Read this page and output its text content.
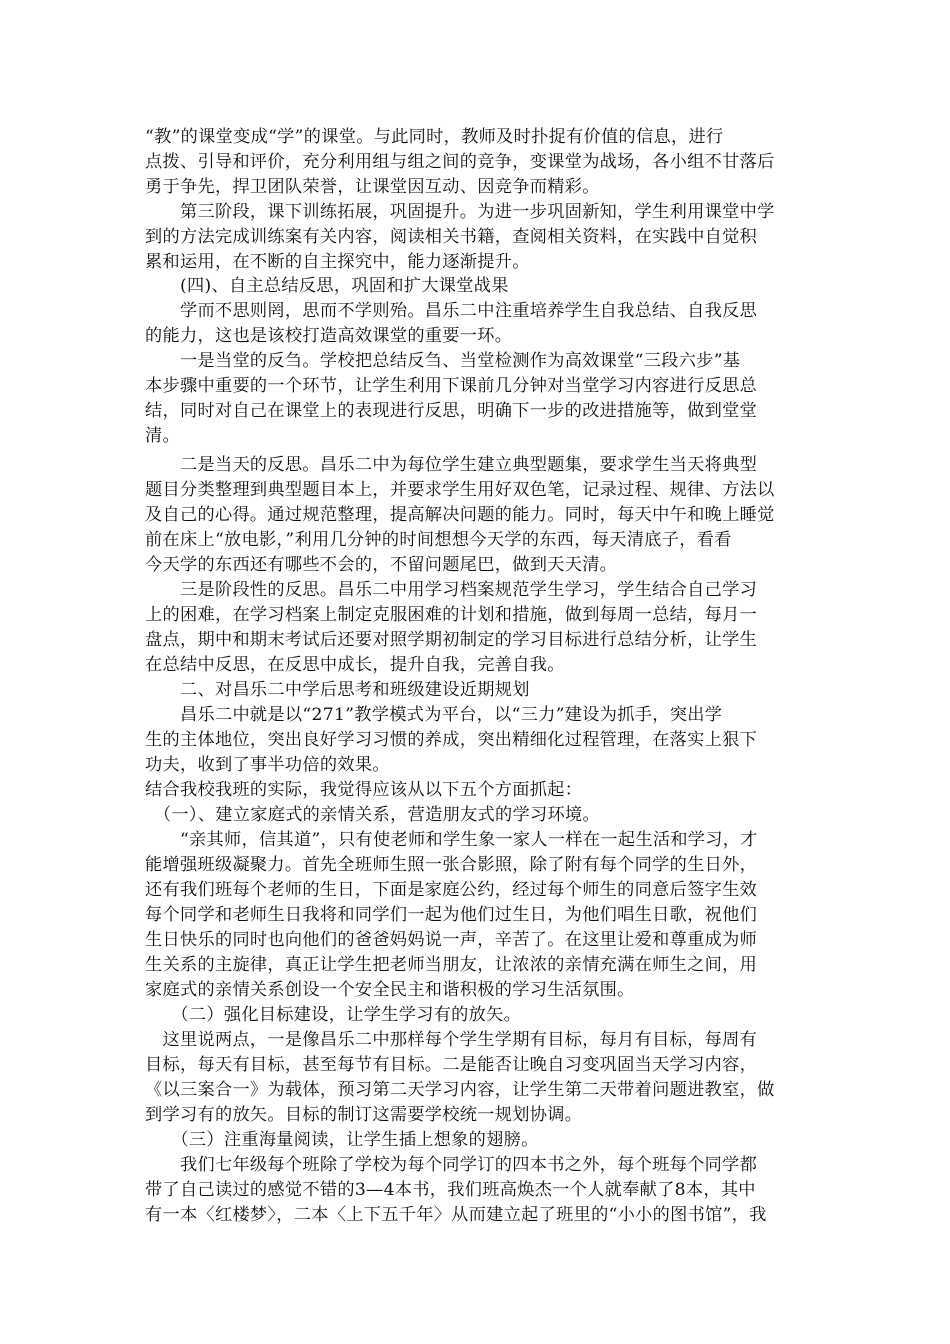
“教”的课堂变成“学”的课堂。与此同时，教师及时扑捉有价值的信息，进行
点拨、引导和评价，充分利用组与组之间的竞争，变课堂为战场，各小组不甘落后
勇于争先，捍卫团队荣誉，让课堂因互动、因竞争而精彩。
　　第三阶段，课下训练拓展，巩固提升。为进一步巩固新知，学生利用课堂中学
到的方法完成训练案有关内容，阅读相关书籍，查阅相关资料，在实践中自觉积
累和运用，在不断的自主探究中，能力逐渐提升。
　　(四)、自主总结反思，巩固和扩大课堂战果
　　学而不思则罔，思而不学则殆。昌乐二中注重培养学生自我总结、自我反思
的能力，这也是该校打造高效课堂的重要一环。
　　一是当堂的反刍。学校把总结反刍、当堂检测作为高效课堂“三段六步”基
本步骤中重要的一个环节，让学生利用下课前几分钟对当堂学习内容进行反思总
结，同时对自己在课堂上的表现进行反思，明确下一步的改进措施等，做到堂堂
清。
　　二是当天的反思。昌乐二中为每位学生建立典型题集，要求学生当天将典型
题目分类整理到典型题目本上，并要求学生用好双色笔，记录过程、规律、方法以
及自己的心得。通过规范整理，提高解决问题的能力。同时，每天中午和晚上睡觉
前在床上“放电影，”利用几分钟的时间想想今天学的东西，每天清底子，看看
今天学的东西还有哪些不会的，不留问题尾巴，做到天天清。
　　三是阶段性的反思。昌乐二中用学习档案规范学生学习，学生结合自己学习
上的困难，在学习档案上制定克服困难的计划和措施，做到每周一总结，每月一
盘点，期中和期末考试后还要对照学期初制定的学习目标进行总结分析，让学生
在总结中反思，在反思中成长，提升自我，完善自我。
　　二、对昌乐二中学后思考和班级建设近期规划
　　昌乐二中就是以“271”教学模式为平台，以“三力”建设为抓手，突出学
生的主体地位，突出良好学习习惯的养成，突出精细化过程管理，在落实上狠下
功夫，收到了事半功倍的效果。
结合我校我班的实际，我觉得应该从以下五个方面抓起：
　（一）、建立家庭式的亲情关系，营造朋友式的学习环境。
　　“亲其师，信其道”，只有使老师和学生象一家人一样在一起生活和学习，才
能增强班级凝聚力。首先全班师生照一张合影照，除了附有每个同学的生日外，
还有我们班每个老师的生日，下面是家庭公约，经过每个师生的同意后签字生效
每个同学和老师生日我将和同学们一起为他们过生日，为他们唱生日歌，祝他们
生日快乐的同时也向他们的爸爸妈妈说一声，辛苦了。在这里让爱和尊重成为师
生关系的主旋律，真正让学生把老师当朋友，让浓浓的亲情充满在师生之间，用
家庭式的亲情关系创设一个安全民主和谐积极的学习生活氛围。
　　（二）强化目标建设，让学生学习有的放矢。
　这里说两点，一是像昌乐二中那样每个学生学期有目标，每月有目标，每周有
目标，每天有目标，甚至每节有目标。二是能否让晚自习变巩固当天学习内容，
《以三案合一》为载体，预习第二天学习内容，让学生第二天带着问题进教室，做
到学习有的放矢。目标的制订这需要学校统一规划协调。
　　（三）注重海量阅读，让学生插上想象的翅膀。
　　我们七年级每个班除了学校为每个同学订的四本书之外，每个班每个同学都
带了自己读过的感觉不错的3—4本书，我们班高焕杰一个人就奉献了8本，其中
有一本〈红楼梦〉，二本〈上下五千年〉从而建立起了班里的“小小的图书馆”，我
